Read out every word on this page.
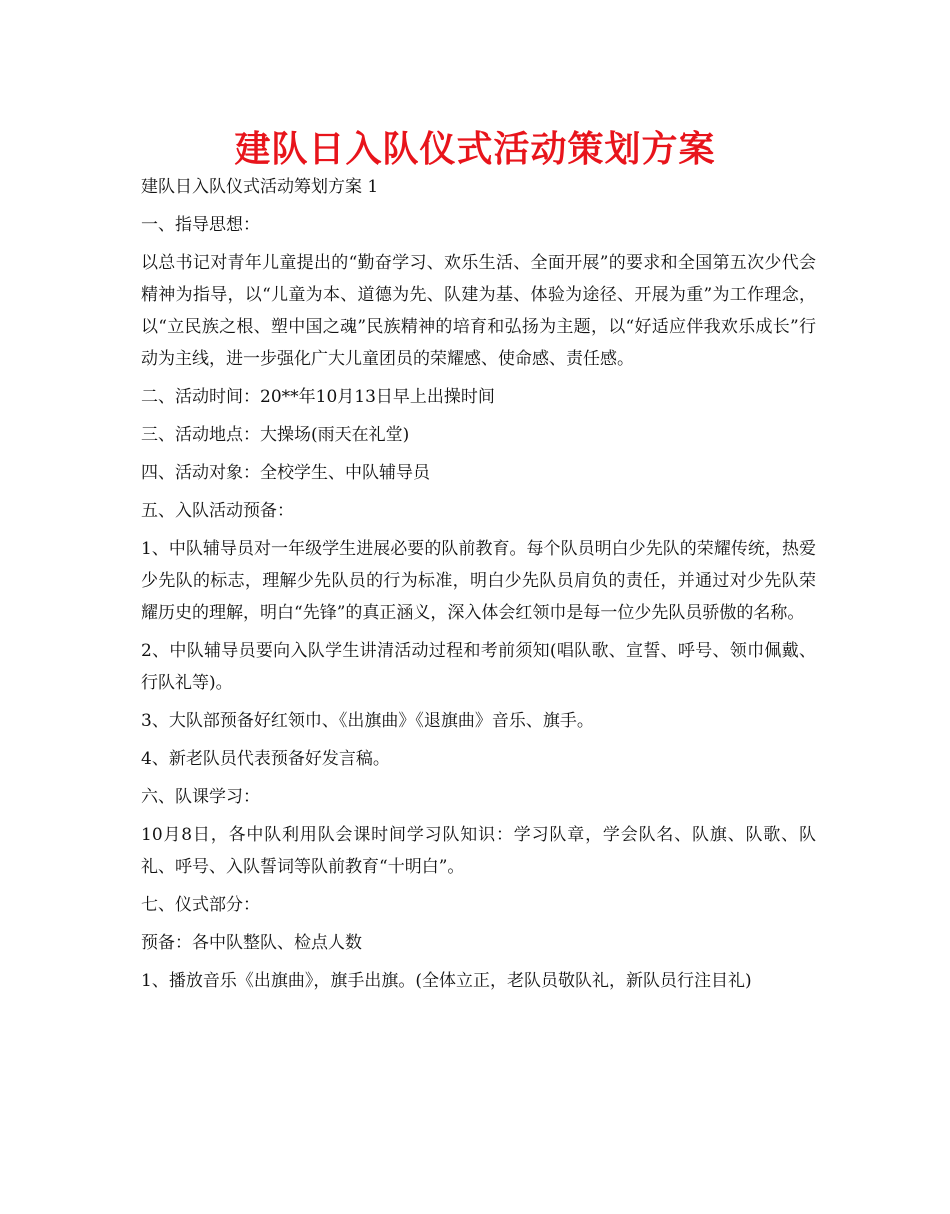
建队日入队仪式活动策划方案

建队日入队仪式活动筹划方案 1

一、指导思想：

以总书记对青年儿童提出的“勤奋学习、欢乐生活、全面开展”的要求和全国第五次少代会精神为指导，以“儿童为本、道德为先、队建为基、体验为途径、开展为重”为工作理念，以“立民族之根、塑中国之魂”民族精神的培育和弘扬为主题，以“好适应伴我欢乐成长”行动为主线，进一步强化广大儿童团员的荣耀感、使命感、责任感。

二、活动时间：20**年10月13日早上出操时间

三、活动地点：大操场(雨天在礼堂)

四、活动对象：全校学生、中队辅导员

五、入队活动预备：

1、中队辅导员对一年级学生进展必要的队前教育。每个队员明白少先队的荣耀传统，热爱少先队的标志，理解少先队员的行为标准，明白少先队员肩负的责任，并通过对少先队荣耀历史的理解，明白“先锋”的真正涵义，深入体会红领巾是每一位少先队员骄傲的名称。

2、中队辅导员要向入队学生讲清活动过程和考前须知(唱队歌、宣誓、呼号、领巾佩戴、行队礼等)。

3、大队部预备好红领巾、《出旗曲》《退旗曲》音乐、旗手。

4、新老队员代表预备好发言稿。

六、队课学习：

10月8日，各中队利用队会课时间学习队知识：学习队章，学会队名、队旗、队歌、队礼、呼号、入队誓词等队前教育“十明白”。

七、仪式部分：

预备：各中队整队、检点人数

1、播放音乐《出旗曲》，旗手出旗。(全体立正，老队员敬队礼，新队员行注目礼)
